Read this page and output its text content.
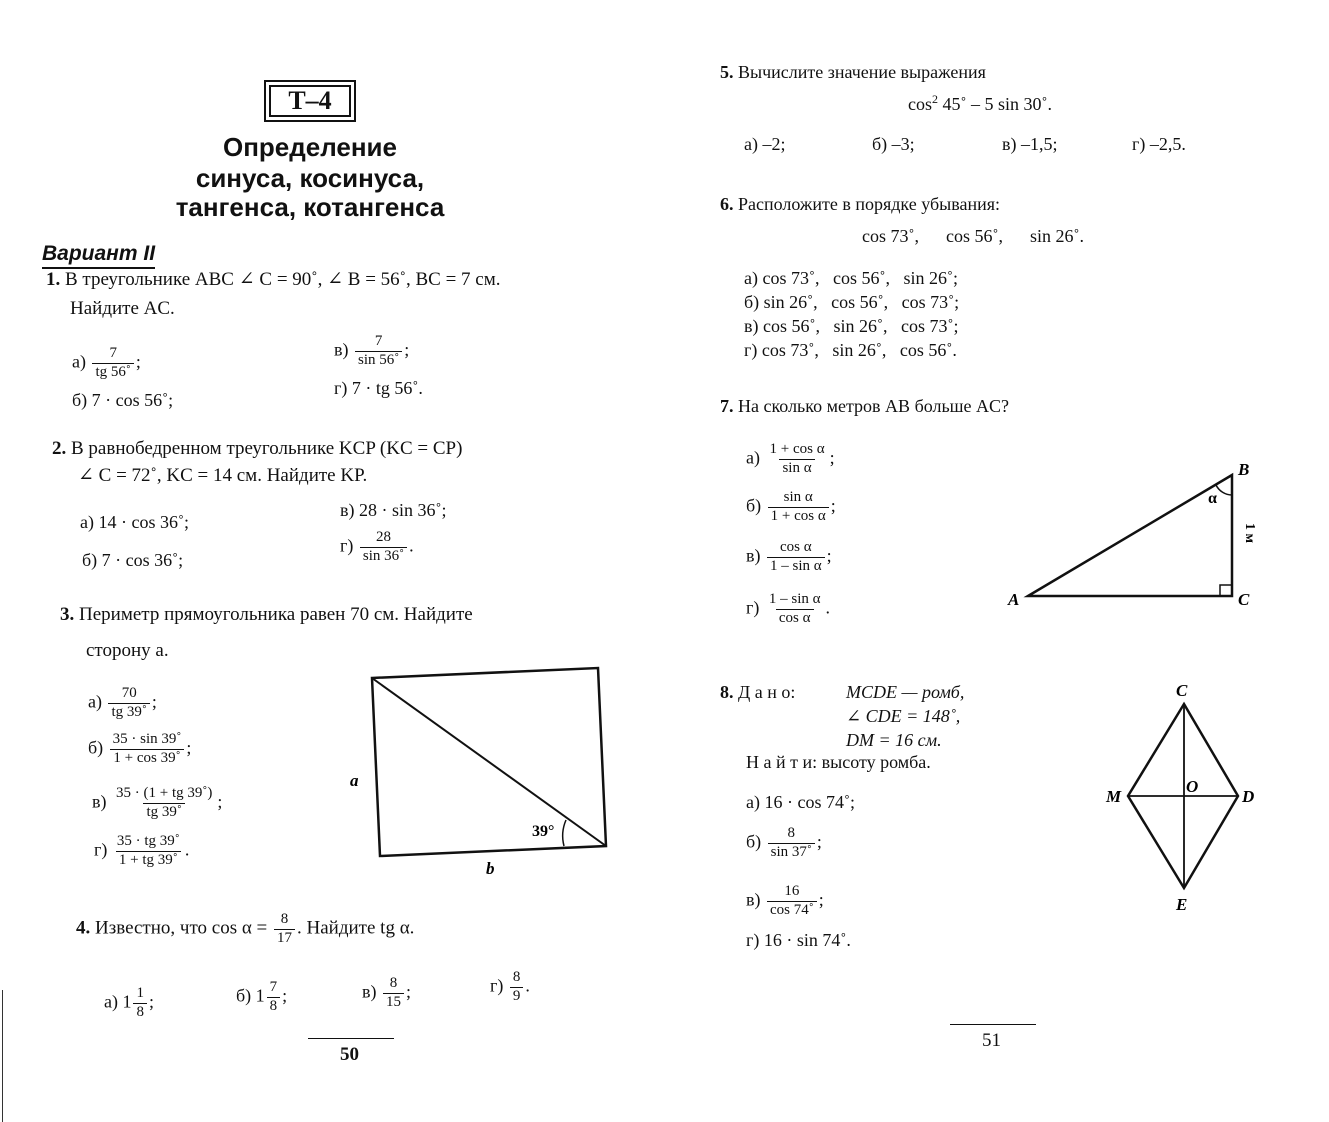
Т–4
Определение
синуса, косинуса,
тангенса, котангенса
Вариант II
1. В треугольнике ABC ∠ C = 90˚, ∠ B = 56˚, BC = 7 см.
Найдите AC.
$а) \frac{7}{tg 56˚}$ ;
б) 7 · cos 56˚;
$в) \frac{7}{\sin 56˚}$ ;
г) 7 · tg 56˚.
2. В равнобедренном треугольнике KCP (KC = CP)
∠ C = 72˚, KC = 14 см. Найдите KP.
а) 14 · cos 36˚;
б) 7 · cos 36˚;
в) 28 · sin 36˚;
$г) \frac{28}{\sin 36˚}$ .
3. Периметр прямоугольника равен 70 см. Найдите
сторону a.
$а) \frac{70}{tg 39˚}$ ;
$б) \frac{35 \cdot \sin 39˚}{1 + \cos 39˚}$ ;
$в) \frac{35 \cdot (1 + tg 39˚)}{tg 39˚}$ ;
$г) \frac{35 \cdot tg 39˚}{1 + tg 39˚}$ .
a
b
39°
4. Известно, что $\cos \alpha = \frac{8}{17}$ . Найдите tg α.
а) $1 \frac{1}{8}$ ;	б) $1 \frac{7}{8}$ ;	$в) \frac{8}{15}$ ;	$г) \frac{8}{9}$ .
50
5. Вычислите значение выражения
$\cos^2$ 45˚ – 5 sin 30˚.
а) –2;	б) –3;	в) –1,5;	г) –2,5.
6. Расположите в порядке убывания:
cos 73˚,      cos 56˚,      sin 26˚.
а) cos 73˚,   cos 56˚,   sin 26˚;
б) sin 26˚,   cos 56˚,   cos 73˚;
в) cos 56˚,   sin 26˚,   cos 73˚;
г) cos 73˚,   sin 26˚,   cos 56˚.
7. На сколько метров AB больше AC?
$а) \frac{\text{1 + cos α}}{\text{sin α}}$ ;
$б) \frac{\text{sin α}}{\text{1 + cos α}}$ ;
$в) \frac{\text{cos α}}{\text{1 – sin α}}$ ;
$г) \frac{\text{1 – sin α}}{\text{cos α}}$ .	A
B
C
α
1 м
8. Д а н о:	MCDE — ромб,
∠ CDE = 148˚,
DM = 16 см.
Н а й т и: высоту ромба.
а) 16 · cos 74˚;
$б) \frac{8}{\sin 37˚}$ ;
$в) \frac{16}{\cos 74˚}$ ;
г) 16 · sin 74˚.
C
M
O
D
E
51
